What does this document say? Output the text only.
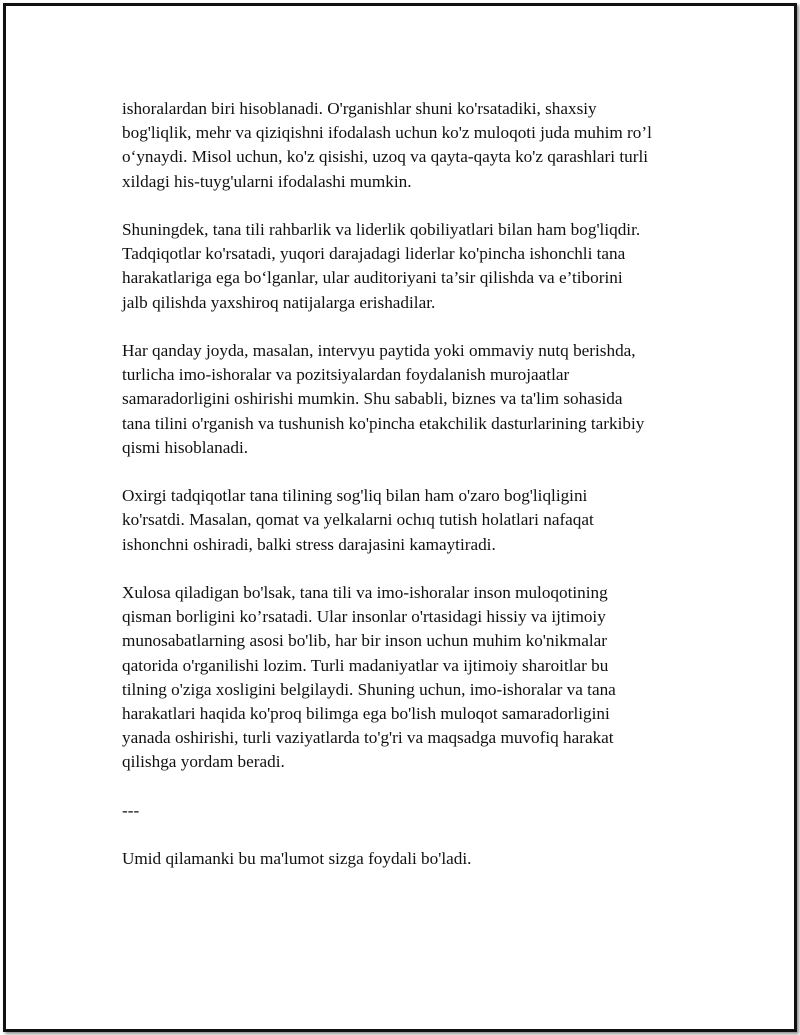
ishoralardan biri hisoblanadi. O'rganishlar shuni ko'rsatadiki, shaxsiy
bog'liqlik, mehr va qiziqishni ifodalash uchun ko'z muloqoti juda muhim ro’l
o‘ynaydi. Misol uchun, ko'z qisishi, uzoq va qayta-qayta ko'z qarashlari turli
xildagi his-tuyg'ularni ifodalashi mumkin.

Shuningdek, tana tili rahbarlik va liderlik qobiliyatlari bilan ham bog'liqdir.
Tadqiqotlar ko'rsatadi, yuqori darajadagi liderlar ko'pincha ishonchli tana
harakatlariga ega bo‘lganlar, ular auditoriyani ta’sir qilishda va e’tiborini
jalb qilishda yaxshiroq natijalarga erishadilar.

Har qanday joyda, masalan, intervyu paytida yoki ommaviy nutq berishda,
turlicha imo-ishoralar va pozitsiyalardan foydalanish murojaatlar
samaradorligini oshirishi mumkin. Shu sababli, biznes va ta'lim sohasida
tana tilini o'rganish va tushunish ko'pincha etakchilik dasturlarining tarkibiy
qismi hisoblanadi.

Oxirgi tadqiqotlar tana tilining sog'liq bilan ham o'zaro bog'liqligini
ko'rsatdi. Masalan, qomat va yelkalarni ochıq tutish holatlari nafaqat
ishonchni oshiradi, balki stress darajasini kamaytiradi.

Xulosa qiladigan bo'lsak, tana tili va imo-ishoralar inson muloqotining
qisman borligini ko’rsatadi. Ular insonlar o'rtasidagi hissiy va ijtimoiy
munosabatlarning asosi bo'lib, har bir inson uchun muhim ko'nikmalar
qatorida o'rganilishi lozim. Turli madaniyatlar va ijtimoiy sharoitlar bu
tilning o'ziga xosligini belgilaydi. Shuning uchun, imo-ishoralar va tana
harakatlari haqida ko'proq bilimga ega bo'lish muloqot samaradorligini
yanada oshirishi, turli vaziyatlarda to'g'ri va maqsadga muvofiq harakat
qilishga yordam beradi.

---

Umid qilamanki bu ma'lumot sizga foydali bo'ladi.
